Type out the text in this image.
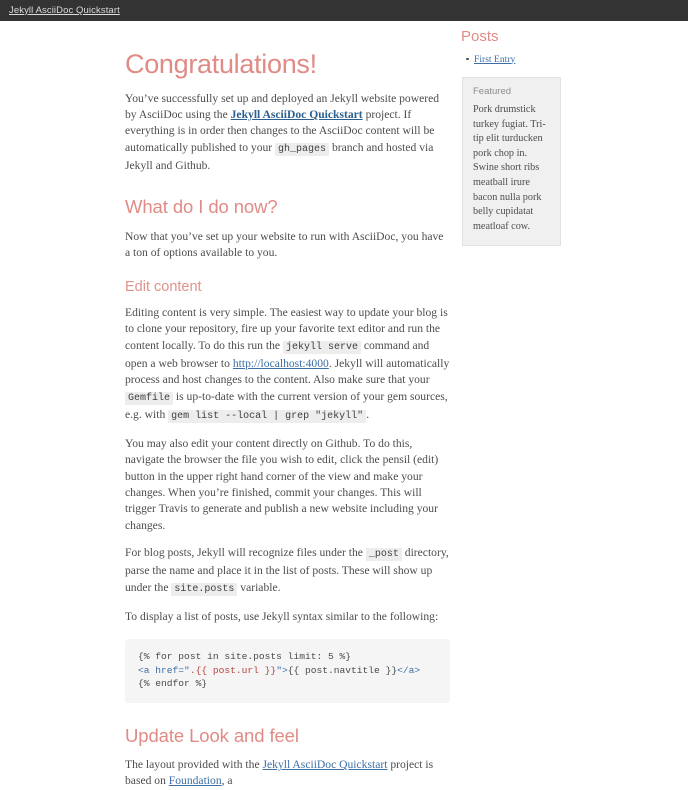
Jekyll AsciiDoc Quickstart
Congratulations!

You’ve successfully set up and deployed an Jekyll website powered by AsciiDoc using the Jekyll AsciiDoc Quickstart project. If everything is in order then changes to the AsciiDoc content will be automatically published to your gh_pages branch and hosted via Jekyll and Github.

What do I do now?

Now that you’ve set up your website to run with AsciiDoc, you have a ton of options available to you.

Edit content

Editing content is very simple. The easiest way to update your blog is to clone your repository, fire up your favorite text editor and run the content locally. To do this run the jekyll serve command and open a web browser to http://localhost:4000. Jekyll will automatically process and host changes to the content. Also make sure that your Gemfile is up-to-date with the current version of your gem sources, e.g. with gem list --local | grep "jekyll" .

You may also edit your content directly on Github. To do this, navigate the browser the file you wish to edit, click the pensil (edit) button in the upper right hand corner of the view and make your changes. When you’re finished, commit your changes. This will trigger Travis to generate and publish a new website including your changes.

For blog posts, Jekyll will recognize files under the _post directory, parse the name and place it in the list of posts. These will show up under the site.posts variable.

To display a list of posts, use Jekyll syntax similar to the following:

{% for post in site.posts limit: 5 %}
<a href=".{{ post.url }}">{{ post.navtitle }}</a>
{% endfor %}
Update Look and feel

The layout provided with the Jekyll AsciiDoc Quickstart project is based on Foundation, a

Posts
First Entry
Featured

Pork drumstick turkey fugiat. Tri-tip elit turducken pork chop in. Swine short ribs meatball irure bacon nulla pork belly cupidatat meatloaf cow.
